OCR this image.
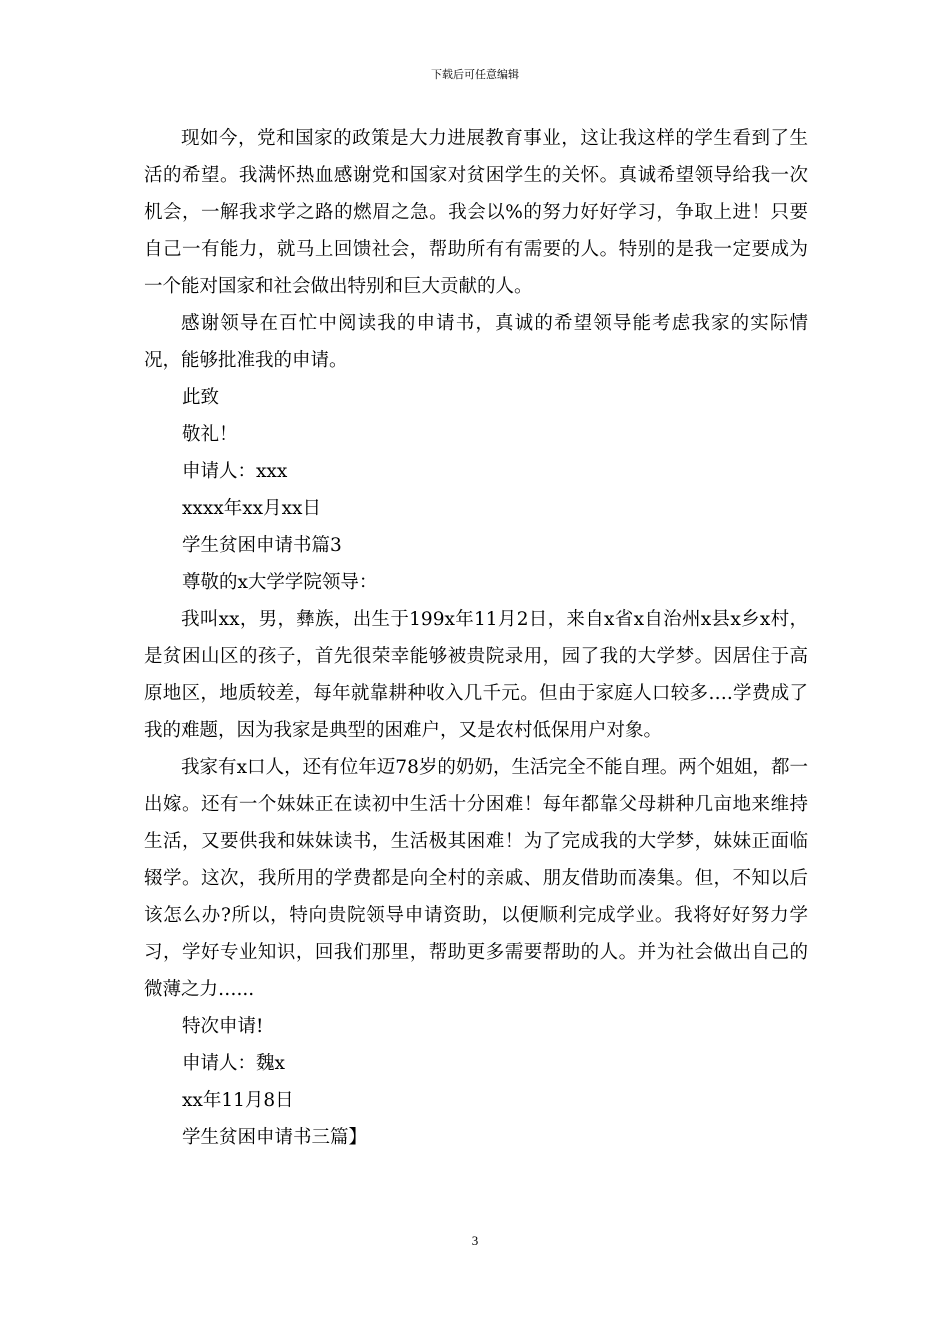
下载后可任意编辑

现如今，党和国家的政策是大力进展教育事业，这让我这样的学生看到了生活的希望。我满怀热血感谢党和国家对贫困学生的关怀。真诚希望领导给我一次机会，一解我求学之路的燃眉之急。我会以%的努力好好学习，争取上进！只要自己一有能力，就马上回馈社会，帮助所有有需要的人。特别的是我一定要成为一个能对国家和社会做出特别和巨大贡献的人。

感谢领导在百忙中阅读我的申请书，真诚的希望领导能考虑我家的实际情况，能够批准我的申请。

此致

敬礼！

申请人：xxx

xxxx年xx月xx日

学生贫困申请书篇3

尊敬的x大学学院领导：

我叫xx，男，彝族，出生于199x年11月2日，来自x省x自治州x县x乡x村，是贫困山区的孩子，首先很荣幸能够被贵院录用，园了我的大学梦。因居住于高原地区，地质较差，每年就靠耕种收入几千元。但由于家庭人口较多….学费成了我的难题，因为我家是典型的困难户，又是农村低保用户对象。

我家有x口人，还有位年迈78岁的奶奶，生活完全不能自理。两个姐姐，都一出嫁。还有一个妹妹正在读初中生活十分困难！每年都靠父母耕种几亩地来维持生活，又要供我和妹妹读书，生活极其困难！为了完成我的大学梦，妹妹正面临辍学。这次，我所用的学费都是向全村的亲戚、朋友借助而凑集。但，不知以后该怎么办?所以，特向贵院领导申请资助，以便顺利完成学业。我将好好努力学习，学好专业知识，回我们那里，帮助更多需要帮助的人。并为社会做出自己的微薄之力…...

特次申请!

申请人：魏x

xx年11月8日

学生贫困申请书三篇】

3
